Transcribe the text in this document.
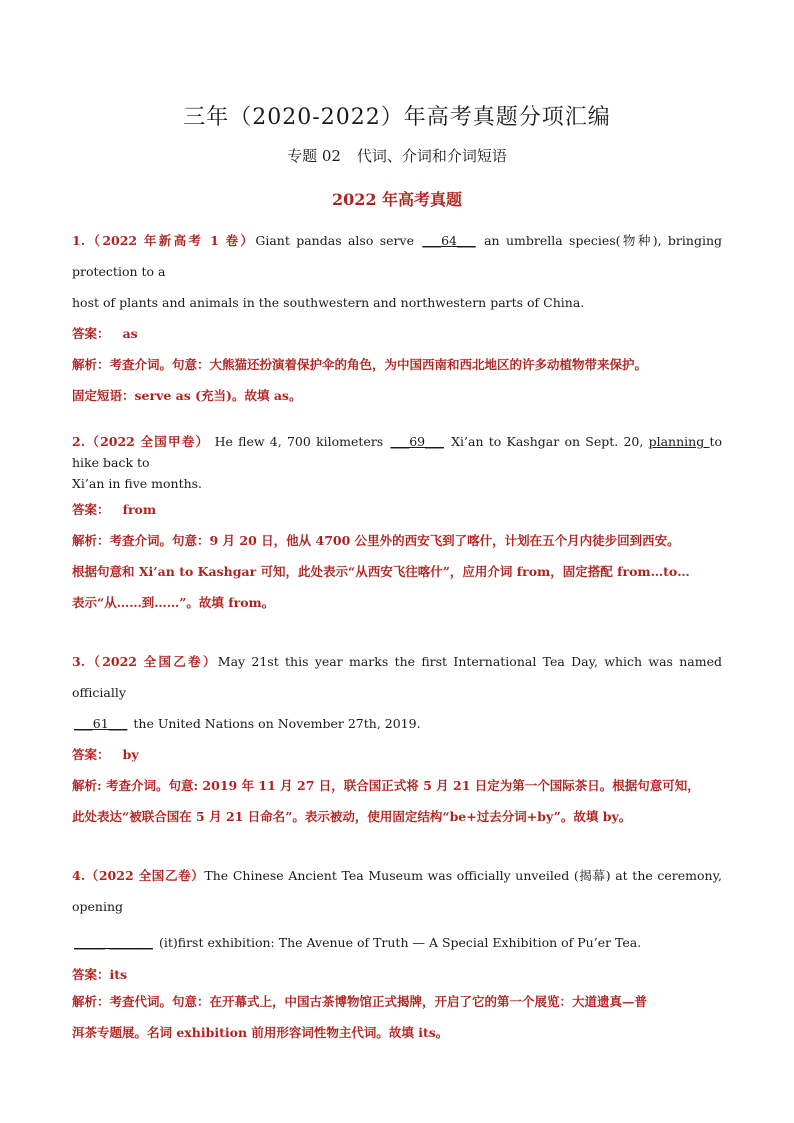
三年（2020-2022）年高考真题分项汇编
专题 02 代词、介词和介词短语
2022 年高考真题

1.（2022 年新高考 1 卷）Giant pandas also serve ___64___ an umbrella species(物种), bringing protection to a

host of plants and animals in the southwestern and northwestern parts of China.

答案： as

解析：考查介词。句意：大熊猫还扮演着保护伞的角色，为中国西南和西北地区的许多动植物带来保护。

固定短语：serve as (充当)。故填 as。

2.（2022 全国甲卷） He flew 4, 700 kilometers ___69___ Xi’an to Kashgar on Sept. 20, planning to hike back to

Xi’an in five months.

答案： from

解析：考查介词。句意：9 月 20 日，他从 4700 公里外的西安飞到了喀什，计划在五个月内徒步回到西安。

根据句意和 Xi’an to Kashgar 可知，此处表示“从西安飞往喀什”，应用介词 from，固定搭配 from…to…

表示“从……到……”。故填 from。

3.（2022 全国乙卷）May 21st this year marks the first International Tea Day, which was named officially

___61___ the United Nations on November 27th, 2019.

答案： by

解析: 考查介词。句意: 2019 年 11 月 27 日，联合国正式将 5 月 21 日定为第一个国际茶日。根据句意可知，

此处表达“被联合国在 5 月 21 日命名”。表示被动，使用固定结构“be+过去分词+by”。故填 by。

4.（2022 全国乙卷）The Chinese Ancient Tea Museum was officially unveiled (揭幕) at the ceremony, opening

_____ _______ (it)first exhibition: The Avenue of Truth — A Special Exhibition of Pu’er Tea.

答案：its

解析：考查代词。句意：在开幕式上，中国古茶博物馆正式揭牌，开启了它的第一个展览：大道遗真—普

洱茶专题展。名词 exhibition 前用形容词性物主代词。故填 its。
